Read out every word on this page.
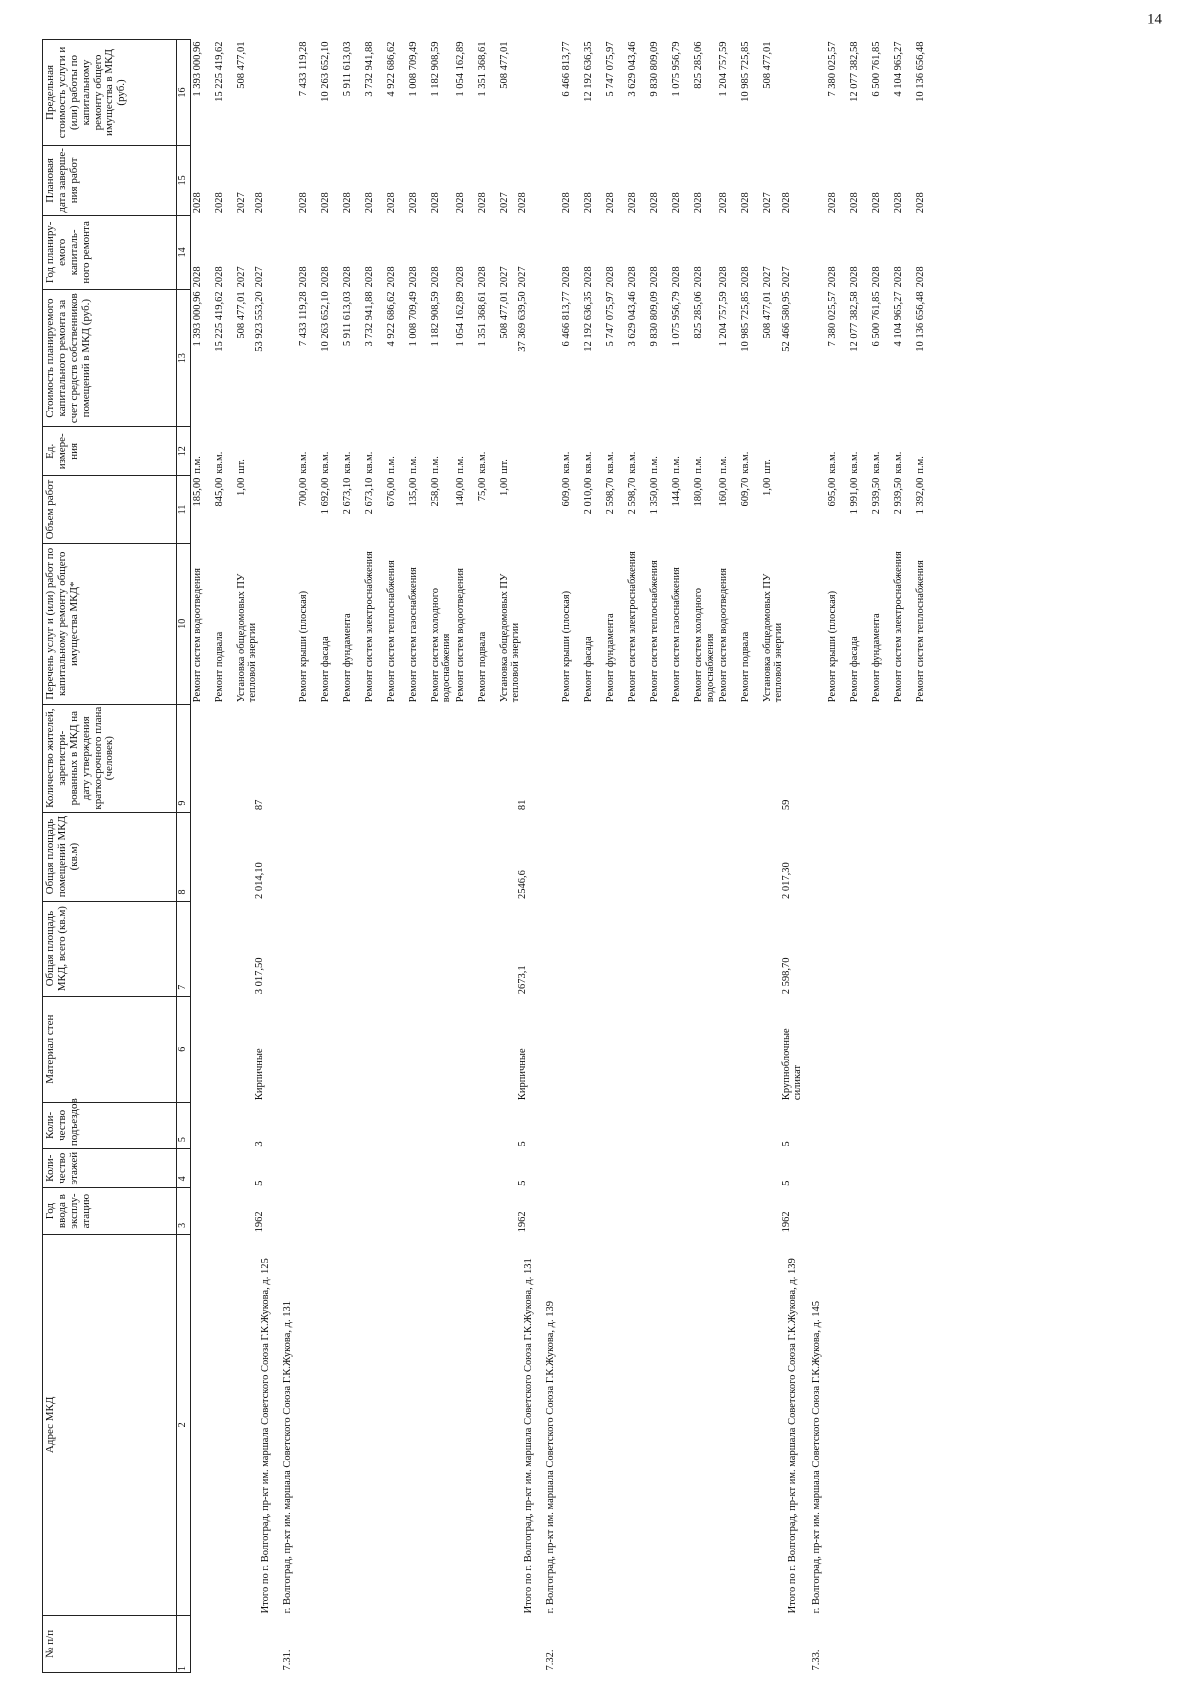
14
№ п/п	Адрес МКД	Год ввода в эксплу- атацию	Коли- чество этажей	Коли- чество подъездов	Материал стен	Общая площадь МКД, всего (кв.м)	Общая площадь помещений МКД (кв.м)	Количество жителей, зарегистри- рованных в МКД на дату утверждения краткосрочного плана (человек)	Перечень услуг и (или) работ по капитальному ремонту общего имущества МКД*	Объем работ	Ед. измере- ния	Стоимость планируемого капитального ремонта за счет средств собственников помещений в МКД (руб.)	Год планиру- емого капиталь- ного ремонта	Плановая дата заверше- ния работ	Предельная стоимость услуги и (или) работы по капитальному ремонту общего имущества в МКД (руб.)
1	2	3	4	5	6	7	8	9	10	11	12	13	14	15	16
									Ремонт систем водоотведения	185,00	п.м.	1 393 000,96	2028	2028	1 393 000,96
									Ремонт подвала	845,00	кв.м.	15 225 419,62	2028	2028	15 225 419,62
									Установка общедомовых ПУ тепловой энергии	1,00	шт.	508 477,01	2027	2027	508 477,01
	Итого по г. Волгоград, пр-кт им. маршала Советского Союза Г.К.Жукова, д. 125	1962	5	3	Кирпичные	3 017,50	2 014,10	87				53 923 553,20	2027	2028	
7.31.	г. Волгоград, пр-кт им. маршала Советского Союза Г.К.Жукова, д. 131														
									Ремонт крыши (плоская)	700,00	кв.м.	7 433 119,28	2028	2028	7 433 119,28
									Ремонт фасада	1 692,00	кв.м.	10 263 652,10	2028	2028	10 263 652,10
									Ремонт фундамента	2 673,10	кв.м.	5 911 613,03	2028	2028	5 911 613,03
									Ремонт систем электроснабжения	2 673,10	кв.м.	3 732 941,88	2028	2028	3 732 941,88
									Ремонт систем теплоснабжения	676,00	п.м.	4 922 686,62	2028	2028	4 922 686,62
									Ремонт систем газоснабжения	135,00	п.м.	1 008 709,49	2028	2028	1 008 709,49
									Ремонт систем холодного водоснабжения	258,00	п.м.	1 182 908,59	2028	2028	1 182 908,59
									Ремонт систем водоотведения	140,00	п.м.	1 054 162,89	2028	2028	1 054 162,89
									Ремонт подвала	75,00	кв.м.	1 351 368,61	2028	2028	1 351 368,61
									Установка общедомовых ПУ тепловой энергии	1,00	шт.	508 477,01	2027	2027	508 477,01
	Итого по г. Волгоград, пр-кт им. маршала Советского Союза Г.К.Жукова, д. 131	1962	5	5	Кирпичные	2673,1	2546,6	81				37 369 639,50	2027	2028	
7.32.	г. Волгоград, пр-кт им. маршала Советского Союза Г.К.Жукова, д. 139														
									Ремонт крыши (плоская)	609,00	кв.м.	6 466 813,77	2028	2028	6 466 813,77
									Ремонт фасада	2 010,00	кв.м.	12 192 636,35	2028	2028	12 192 636,35
									Ремонт фундамента	2 598,70	кв.м.	5 747 075,97	2028	2028	5 747 075,97
									Ремонт систем электроснабжения	2 598,70	кв.м.	3 629 043,46	2028	2028	3 629 043,46
									Ремонт систем теплоснабжения	1 350,00	п.м.	9 830 809,09	2028	2028	9 830 809,09
									Ремонт систем газоснабжения	144,00	п.м.	1 075 956,79	2028	2028	1 075 956,79
									Ремонт систем холодного водоснабжения	180,00	п.м.	825 285,06	2028	2028	825 285,06
									Ремонт систем водоотведения	160,00	п.м.	1 204 757,59	2028	2028	1 204 757,59
									Ремонт подвала	609,70	кв.м.	10 985 725,85	2028	2028	10 985 725,85
									Установка общедомовых ПУ тепловой энергии	1,00	шт.	508 477,01	2027	2027	508 477,01
	Итого по г. Волгоград, пр-кт им. маршала Советского Союза Г.К.Жукова, д. 139	1962	5	5	Крупноблочные силикат	2 598,70	2 017,30	59				52 466 580,95	2027	2028	
7.33.	г. Волгоград, пр-кт им. маршала Советского Союза Г.К.Жукова, д. 145														
									Ремонт крыши (плоская)	695,00	кв.м.	7 380 025,57	2028	2028	7 380 025,57
									Ремонт фасада	1 991,00	кв.м.	12 077 382,58	2028	2028	12 077 382,58
									Ремонт фундамента	2 939,50	кв.м.	6 500 761,85	2028	2028	6 500 761,85
									Ремонт систем электроснабжения	2 939,50	кв.м.	4 104 965,27	2028	2028	4 104 965,27
									Ремонт систем теплоснабжения	1 392,00	п.м.	10 136 656,48	2028	2028	10 136 656,48
